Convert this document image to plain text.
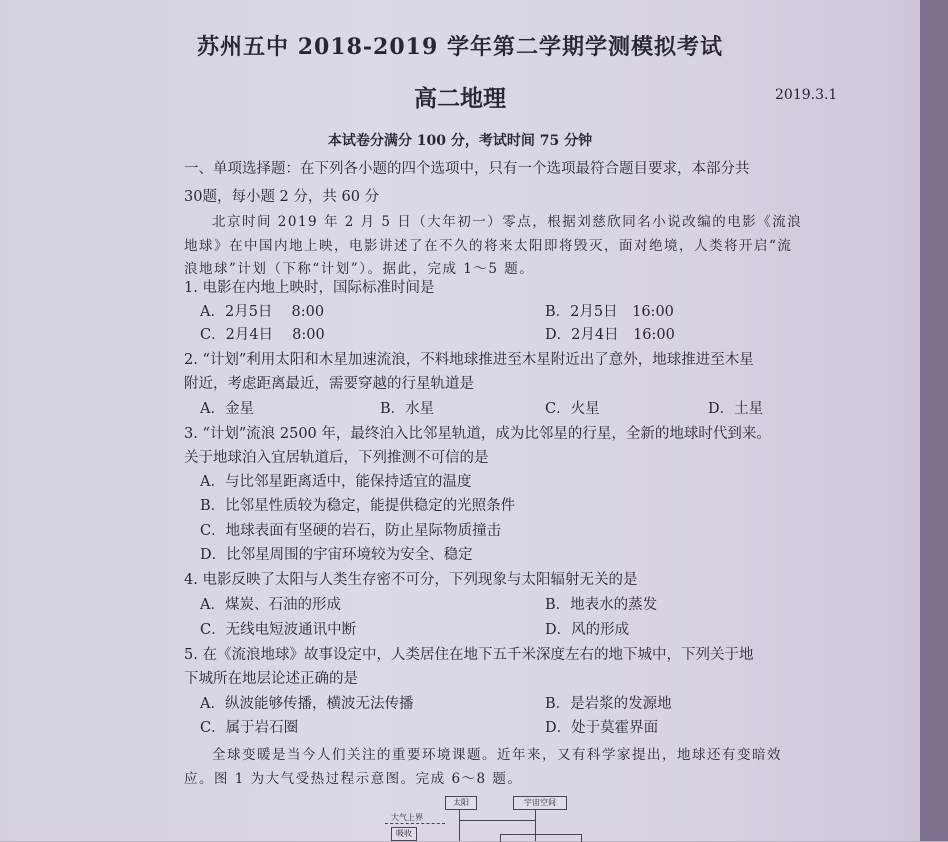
苏州五中 2018-2019 学年第二学期学测模拟考试
高二地理	2019.3.1
本试卷分满分 100 分，考试时间 75 分钟
一、单项选择题：在下列各小题的四个选项中，只有一个选项最符合题目要求，本部分共
30题，每小题 2 分，共 60 分
北京时间 2019 年 2 月 5 日（大年初一）零点，根据刘慈欣同名小说改编的电影《流浪
地球》在中国内地上映，电影讲述了在不久的将来太阳即将毁灭，面对绝境，人类将开启“流
浪地球”计划（下称“计划”）。据此，完成 1～5 题。
1. 电影在内地上映时，国际标准时间是
A．2月5日　 8:00	B．2月5日　16:00
C．2月4日　 8:00	D．2月4日　16:00
2. “计划”利用太阳和木星加速流浪，不料地球推进至木星附近出了意外，地球推进至木星
附近，考虑距离最近，需要穿越的行星轨道是
A．金星	B．水星	C．火星	D．土星
3. “计划”流浪 2500 年，最终泊入比邻星轨道，成为比邻星的行星，全新的地球时代到来。
关于地球泊入宜居轨道后，下列推测不可信的是
A．与比邻星距离适中，能保持适宜的温度
B．比邻星性质较为稳定，能提供稳定的光照条件
C．地球表面有坚硬的岩石，防止星际物质撞击
D．比邻星周围的宇宙环境较为安全、稳定
4. 电影反映了太阳与人类生存密不可分，下列现象与太阳辐射无关的是
A．煤炭、石油的形成	B．地表水的蒸发
C．无线电短波通讯中断	D．风的形成
5. 在《流浪地球》故事设定中，人类居住在地下五千米深度左右的地下城中，下列关于地
下城所在地层论述正确的是
A．纵波能够传播，横波无法传播	B．是岩浆的发源地
C．属于岩石圈	D．处于莫霍界面
全球变暖是当今人们关注的重要环境课题。近年来，又有科学家提出，地球还有变暗效
应。图 1 为大气受热过程示意图。完成 6～8 题。
大气上界
太阳	宇宙空间
吸收
